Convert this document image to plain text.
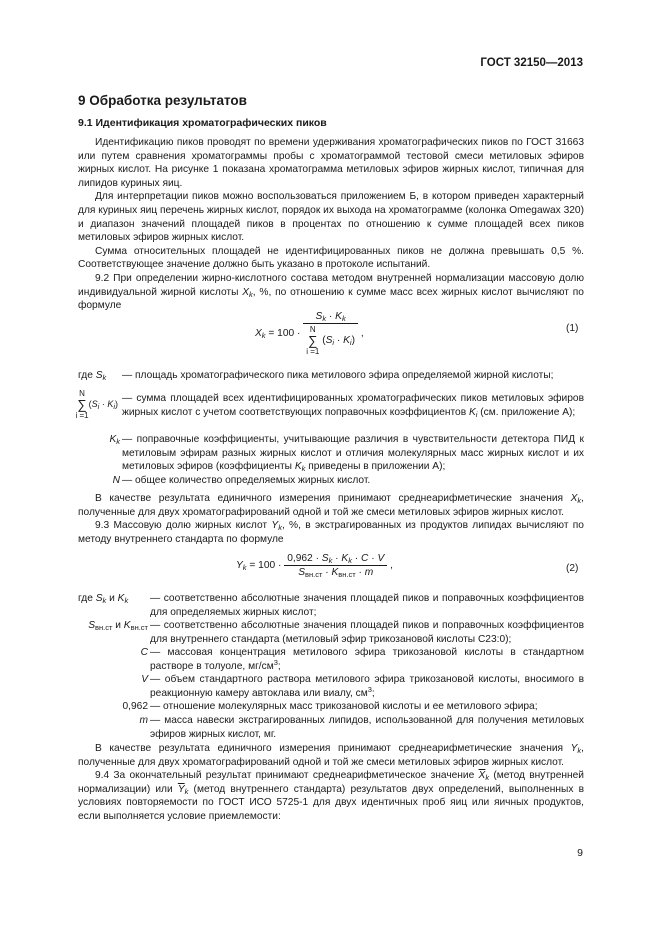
ГОСТ 32150—2013
9 Обработка результатов
9.1 Идентификация хроматографических пиков

Идентификацию пиков проводят по времени удерживания хроматографических пиков по ГОСТ 31663 или путем сравнения хроматограммы пробы с хроматограммой тестовой смеси метиловых эфиров жирных кислот. На рисунке 1 показана хроматограмма метиловых эфиров жирных кислот, типичная для липидов куриных яиц.

Для интерпретации пиков можно воспользоваться приложением Б, в котором приведен характерный для куриных яиц перечень жирных кислот, порядок их выхода на хроматограмме (колонка Omegawax 320) и диапазон значений площадей пиков в процентах по отношению к сумме площадей всех пиков метиловых эфиров жирных кислот.

Сумма относительных площадей не идентифицированных пиков не должна превышать 0,5 %. Соответствующее значение должно быть указано в протоколе испытаний.

9.2 При определении жирно-кислотного состава методом внутренней нормализации массовую долю индивидуальной жирной кислоты $X_k$, %, по отношению к сумме масс всех жирных кислот вычисляют по формуле

$X_k = 100 \cdot S_k \cdot K_k$
N
∑
i =1 $(S_i \cdot K_i)$ ,	(1)
где $S_k$	— площадь хроматографического пика метилового эфира определяемой жирной кислоты;
N
∑
$i =1(S_i \cdot K_i)$ — сумма площадей всех идентифицированных хроматографических пиков метиловых эфиров жирных кислот с учетом соответствующих поправочных коэффициентов $K_i$ (см. приложение А);
$K_k$ — поправочные коэффициенты, учитывающие различия в чувствительности детектора ПИД к метиловым эфирам разных жирных кислот и отличия молекулярных масс жирных кислот и их метиловых эфиров (коэффициенты $K_k$ приведены в приложении А);
N — общее количество определяемых жирных кислот.

В качестве результата единичного измерения принимают среднеарифметические значения $X_k$, полученные для двух хроматографирований одной и той же смеси метиловых эфиров жирных кислот.

9.3 Массовую долю жирных кислот $Y_k$, %, в экстрагированных из продуктов липидах вычисляют по методу внутреннего стандарта по формуле

$Y_k = 100 \cdot \frac{0,962 \cdot S_k \cdot K_k \cdot C \cdot V}{S_{вн.ст} \cdot K_{вн.ст} \cdot m}$ ,	(2)
где $S_k$ и $K_k$	— соответственно абсолютные значения площадей пиков и поправочных коэффициентов для определяемых жирных кислот;
$S_{вн.ст}$ и $K_{вн.ст}$ — соответственно абсолютные значения площадей пиков и поправочных коэффициентов для внутреннего стандарта (метиловый эфир трикозановой кислоты С23:0);
C — массовая концентрация метилового эфира трикозановой кислоты в стандартном растворе в толуоле, $мг/см^3$;
V — объем стандартного раствора метилового эфира трикозановой кислоты, вносимого в реакционную камеру автоклава или виалу, $см^3$;
0,962 — отношение молекулярных масс трикозановой кислоты и ее метилового эфира;
m — масса навески экстрагированных липидов, использованной для получения метиловых эфиров жирных кислот, мг.

В качестве результата единичного измерения принимают среднеарифметические значения $Y_k$, полученные для двух хроматографирований одной и той же смеси метиловых эфиров жирных кислот.

9.4 За окончательный результат принимают среднеарифметическое значение $\overline{X}_k$ (метод внутренней нормализации) или $\overline{Y}_k$ (метод внутреннего стандарта) результатов двух определений, выполненных в условиях повторяемости по ГОСТ ИСО 5725-1 для двух идентичных проб яиц или яичных продуктов, если выполняется условие приемлемости:

9
